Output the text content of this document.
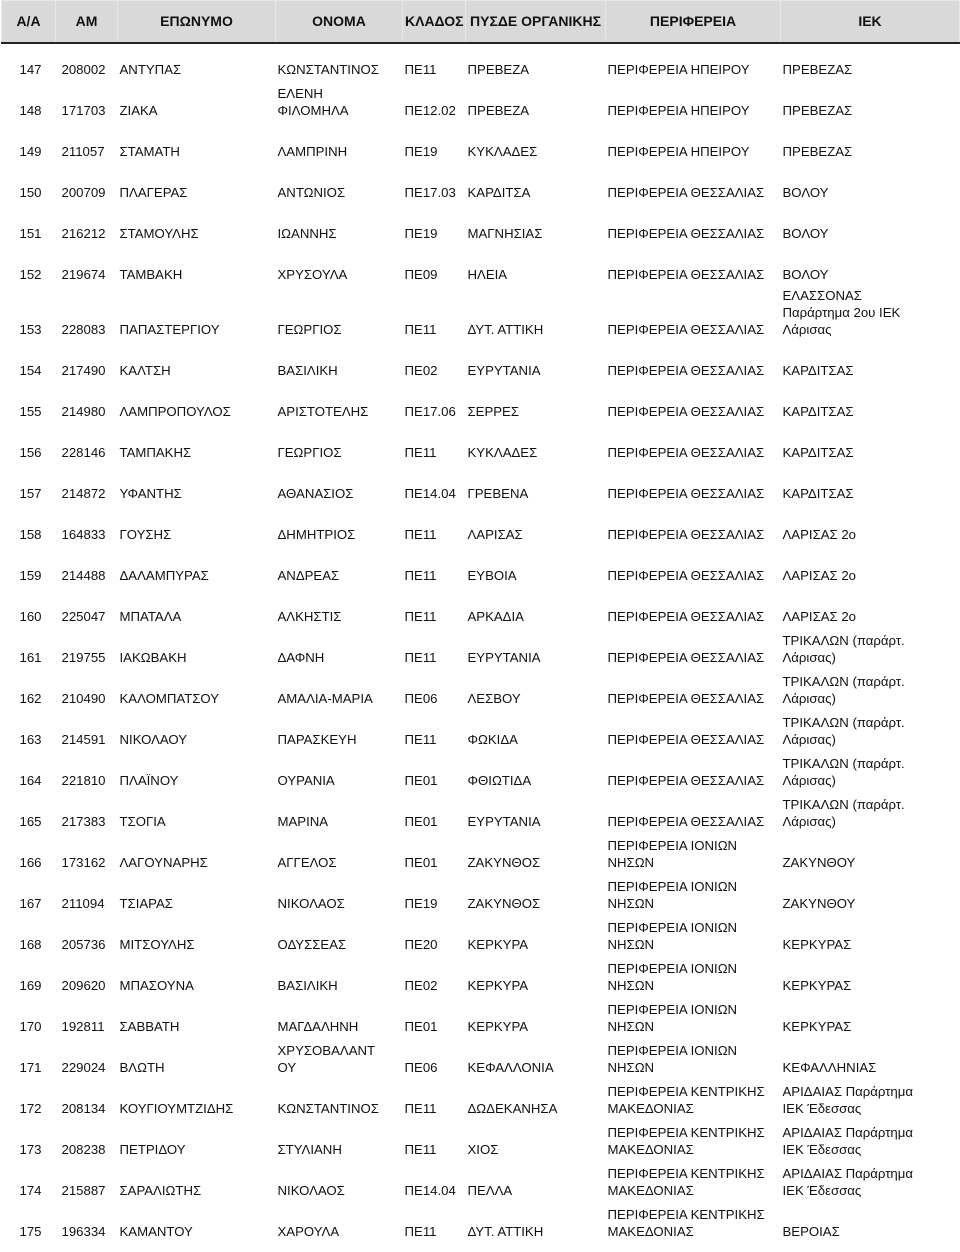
Α/Α	ΑΜ	ΕΠΩΝΥΜΟ	ΟΝΟΜΑ	ΚΛΑΔΟΣ	ΠΥΣΔΕ ΟΡΓΑΝΙΚΗΣ	ΠΕΡΙΦΕΡΕΙΑ	ΙΕΚ
147	208002	ΑΝΤΥΠΑΣ	ΚΩΝΣΤΑΝΤΙΝΟΣ	ΠΕ11	ΠΡΕΒΕΖΑ	ΠΕΡΙΦΕΡΕΙΑ ΗΠΕΙΡΟΥ	ΠΡΕΒΕΖΑΣ
148	171703	ΖΙΑΚΑ	ΕΛΕΝΗ
ΦΙΛΟΜΗΛΑ	ΠΕ12.02	ΠΡΕΒΕΖΑ	ΠΕΡΙΦΕΡΕΙΑ ΗΠΕΙΡΟΥ	ΠΡΕΒΕΖΑΣ
149	211057	ΣΤΑΜΑΤΗ	ΛΑΜΠΡΙΝΗ	ΠΕ19	ΚΥΚΛΑΔΕΣ	ΠΕΡΙΦΕΡΕΙΑ ΗΠΕΙΡΟΥ	ΠΡΕΒΕΖΑΣ
150	200709	ΠΛΑΓΕΡΑΣ	ΑΝΤΩΝΙΟΣ	ΠΕ17.03	ΚΑΡΔΙΤΣΑ	ΠΕΡΙΦΕΡΕΙΑ ΘΕΣΣΑΛΙΑΣ	ΒΟΛΟΥ
151	216212	ΣΤΑΜΟΥΛΗΣ	ΙΩΑΝΝΗΣ	ΠΕ19	ΜΑΓΝΗΣΙΑΣ	ΠΕΡΙΦΕΡΕΙΑ ΘΕΣΣΑΛΙΑΣ	ΒΟΛΟΥ
152	219674	ΤΑΜΒΑΚΗ	ΧΡΥΣΟΥΛΑ	ΠΕ09	ΗΛΕΙΑ	ΠΕΡΙΦΕΡΕΙΑ ΘΕΣΣΑΛΙΑΣ	ΒΟΛΟΥ
153	228083	ΠΑΠΑΣΤΕΡΓΙΟΥ	ΓΕΩΡΓΙΟΣ	ΠΕ11	ΔΥΤ. ΑΤΤΙΚΗ	ΠΕΡΙΦΕΡΕΙΑ ΘΕΣΣΑΛΙΑΣ	ΕΛΑΣΣΟΝΑΣ
Παράρτημα 2ου ΙΕΚ
Λάρισας
154	217490	ΚΑΛΤΣΗ	ΒΑΣΙΛΙΚΗ	ΠΕ02	ΕΥΡΥΤΑΝΙΑ	ΠΕΡΙΦΕΡΕΙΑ ΘΕΣΣΑΛΙΑΣ	ΚΑΡΔΙΤΣΑΣ
155	214980	ΛΑΜΠΡΟΠΟΥΛΟΣ	ΑΡΙΣΤΟΤΕΛΗΣ	ΠΕ17.06	ΣΕΡΡΕΣ	ΠΕΡΙΦΕΡΕΙΑ ΘΕΣΣΑΛΙΑΣ	ΚΑΡΔΙΤΣΑΣ
156	228146	ΤΑΜΠΑΚΗΣ	ΓΕΩΡΓΙΟΣ	ΠΕ11	ΚΥΚΛΑΔΕΣ	ΠΕΡΙΦΕΡΕΙΑ ΘΕΣΣΑΛΙΑΣ	ΚΑΡΔΙΤΣΑΣ
157	214872	ΥΦΑΝΤΗΣ	ΑΘΑΝΑΣΙΟΣ	ΠΕ14.04	ΓΡΕΒΕΝΑ	ΠΕΡΙΦΕΡΕΙΑ ΘΕΣΣΑΛΙΑΣ	ΚΑΡΔΙΤΣΑΣ
158	164833	ΓΟΥΣΗΣ	ΔΗΜΗΤΡΙΟΣ	ΠΕ11	ΛΑΡΙΣΑΣ	ΠΕΡΙΦΕΡΕΙΑ ΘΕΣΣΑΛΙΑΣ	ΛΑΡΙΣΑΣ 2ο
159	214488	ΔΑΛΑΜΠΥΡΑΣ	ΑΝΔΡΕΑΣ	ΠΕ11	ΕΥΒΟΙΑ	ΠΕΡΙΦΕΡΕΙΑ ΘΕΣΣΑΛΙΑΣ	ΛΑΡΙΣΑΣ 2ο
160	225047	ΜΠΑΤΑΛΑ	ΑΛΚΗΣΤΙΣ	ΠΕ11	ΑΡΚΑΔΙΑ	ΠΕΡΙΦΕΡΕΙΑ ΘΕΣΣΑΛΙΑΣ	ΛΑΡΙΣΑΣ 2ο
161	219755	ΙΑΚΩΒΑΚΗ	ΔΑΦΝΗ	ΠΕ11	ΕΥΡΥΤΑΝΙΑ	ΠΕΡΙΦΕΡΕΙΑ ΘΕΣΣΑΛΙΑΣ	ΤΡΙΚΑΛΩΝ (παράρτ.
Λάρισας)
162	210490	ΚΑΛΟΜΠΑΤΣΟΥ	ΑΜΑΛΙΑ-ΜΑΡΙΑ	ΠΕ06	ΛΕΣΒΟΥ	ΠΕΡΙΦΕΡΕΙΑ ΘΕΣΣΑΛΙΑΣ	ΤΡΙΚΑΛΩΝ (παράρτ.
Λάρισας)
163	214591	ΝΙΚΟΛΑΟΥ	ΠΑΡΑΣΚΕΥΗ	ΠΕ11	ΦΩΚΙΔΑ	ΠΕΡΙΦΕΡΕΙΑ ΘΕΣΣΑΛΙΑΣ	ΤΡΙΚΑΛΩΝ (παράρτ.
Λάρισας)
164	221810	ΠΛΑΪΝΟΥ	ΟΥΡΑΝΙΑ	ΠΕ01	ΦΘΙΩΤΙΔΑ	ΠΕΡΙΦΕΡΕΙΑ ΘΕΣΣΑΛΙΑΣ	ΤΡΙΚΑΛΩΝ (παράρτ.
Λάρισας)
165	217383	ΤΣΟΓΙΑ	ΜΑΡΙΝΑ	ΠΕ01	ΕΥΡΥΤΑΝΙΑ	ΠΕΡΙΦΕΡΕΙΑ ΘΕΣΣΑΛΙΑΣ	ΤΡΙΚΑΛΩΝ (παράρτ.
Λάρισας)
166	173162	ΛΑΓΟΥΝΑΡΗΣ	ΑΓΓΕΛΟΣ	ΠΕ01	ΖΑΚΥΝΘΟΣ	ΠΕΡΙΦΕΡΕΙΑ ΙΟΝΙΩΝ
ΝΗΣΩΝ	ΖΑΚΥΝΘΟΥ
167	211094	ΤΣΙΑΡΑΣ	ΝΙΚΟΛΑΟΣ	ΠΕ19	ΖΑΚΥΝΘΟΣ	ΠΕΡΙΦΕΡΕΙΑ ΙΟΝΙΩΝ
ΝΗΣΩΝ	ΖΑΚΥΝΘΟΥ
168	205736	ΜΙΤΣΟΥΛΗΣ	ΟΔΥΣΣΕΑΣ	ΠΕ20	ΚΕΡΚΥΡΑ	ΠΕΡΙΦΕΡΕΙΑ ΙΟΝΙΩΝ
ΝΗΣΩΝ	ΚΕΡΚΥΡΑΣ
169	209620	ΜΠΑΣΟΥΝΑ	ΒΑΣΙΛΙΚΗ	ΠΕ02	ΚΕΡΚΥΡΑ	ΠΕΡΙΦΕΡΕΙΑ ΙΟΝΙΩΝ
ΝΗΣΩΝ	ΚΕΡΚΥΡΑΣ
170	192811	ΣΑΒΒΑΤΗ	ΜΑΓΔΑΛΗΝΗ	ΠΕ01	ΚΕΡΚΥΡΑ	ΠΕΡΙΦΕΡΕΙΑ ΙΟΝΙΩΝ
ΝΗΣΩΝ	ΚΕΡΚΥΡΑΣ
171	229024	ΒΛΩΤΗ	ΧΡΥΣΟΒΑΛΑΝΤ
ΟΥ	ΠΕ06	ΚΕΦΑΛΛΟΝΙΑ	ΠΕΡΙΦΕΡΕΙΑ ΙΟΝΙΩΝ
ΝΗΣΩΝ	ΚΕΦΑΛΛΗΝΙΑΣ
172	208134	ΚΟΥΓΙΟΥΜΤΖΙΔΗΣ	ΚΩΝΣΤΑΝΤΙΝΟΣ	ΠΕ11	ΔΩΔΕΚΑΝΗΣΑ	ΠΕΡΙΦΕΡΕΙΑ ΚΕΝΤΡΙΚΗΣ
ΜΑΚΕΔΟΝΙΑΣ	ΑΡΙΔΑΙΑΣ Παράρτημα
ΙΕΚ Έδεσσας
173	208238	ΠΕΤΡΙΔΟΥ	ΣΤΥΛΙΑΝΗ	ΠΕ11	ΧΙΟΣ	ΠΕΡΙΦΕΡΕΙΑ ΚΕΝΤΡΙΚΗΣ
ΜΑΚΕΔΟΝΙΑΣ	ΑΡΙΔΑΙΑΣ Παράρτημα
ΙΕΚ Έδεσσας
174	215887	ΣΑΡΑΛΙΩΤΗΣ	ΝΙΚΟΛΑΟΣ	ΠΕ14.04	ΠΕΛΛΑ	ΠΕΡΙΦΕΡΕΙΑ ΚΕΝΤΡΙΚΗΣ
ΜΑΚΕΔΟΝΙΑΣ	ΑΡΙΔΑΙΑΣ Παράρτημα
ΙΕΚ Έδεσσας
175	196334	ΚΑΜΑΝΤΟΥ	ΧΑΡΟΥΛΑ	ΠΕ11	ΔΥΤ. ΑΤΤΙΚΗ	ΠΕΡΙΦΕΡΕΙΑ ΚΕΝΤΡΙΚΗΣ
ΜΑΚΕΔΟΝΙΑΣ	ΒΕΡΟΙΑΣ
